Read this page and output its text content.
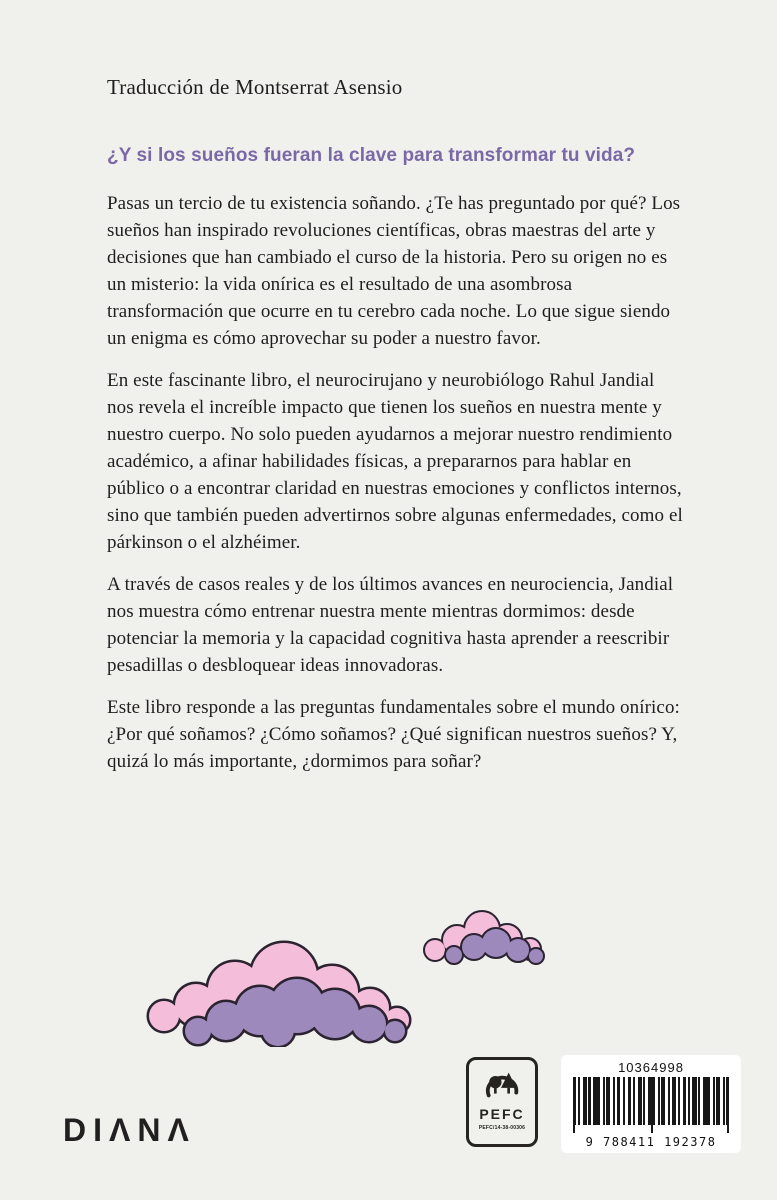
Traducción de Montserrat Asensio

¿Y si los sueños fueran la clave para transformar tu vida?

Pasas un tercio de tu existencia soñando. ¿Te has preguntado por qué? Los sueños han inspirado revoluciones científicas, obras maestras del arte y decisiones que han cambiado el curso de la historia. Pero su origen no es un misterio: la vida onírica es el resultado de una asombrosa transformación que ocurre en tu cerebro cada noche. Lo que sigue siendo un enigma es cómo aprovechar su poder a nuestro favor.

En este fascinante libro, el neurocirujano y neurobiólogo Rahul Jandial nos revela el increíble impacto que tienen los sueños en nuestra mente y nuestro cuerpo. No solo pueden ayudarnos a mejorar nuestro rendimiento académico, a afinar habilidades físicas, a prepararnos para hablar en público o a encontrar claridad en nuestras emociones y conflictos internos, sino que también pueden advertirnos sobre algunas enfermedades, como el párkinson o el alzhéimer.

A través de casos reales y de los últimos avances en neurociencia, Jandial nos muestra cómo entrenar nuestra mente mientras dormimos: desde potenciar la memoria y la capacidad cognitiva hasta aprender a reescribir pesadillas o desbloquear ideas innovadoras.

Este libro responde a las preguntas fundamentales sobre el mundo onírico: ¿Por qué soñamos? ¿Cómo soñamos? ¿Qué significan nuestros sueños? Y, quizá lo más importante, ¿dormimos para soñar?

DIΛNΛ	PEFC
PEFC/14-38-00306
10364998
9 788411 192378
